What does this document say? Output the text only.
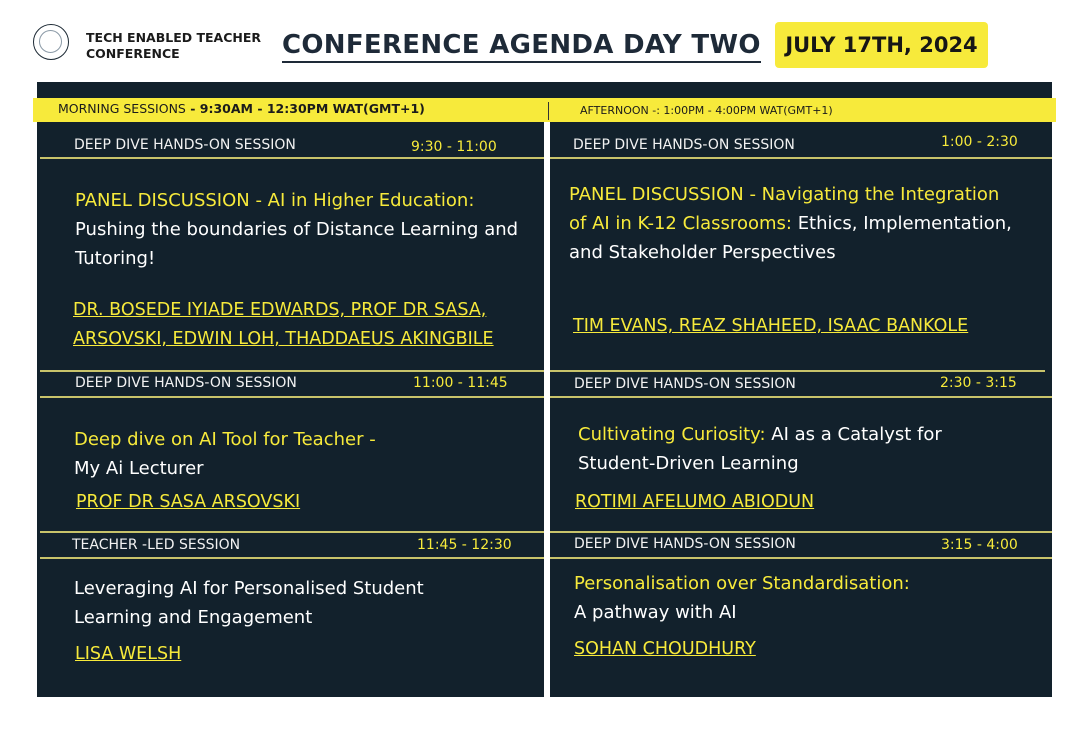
TECH ENABLED TEACHER
CONFERENCE	CONFERENCE AGENDA DAY TWO	JULY 17TH, 2024
MORNING SESSIONS - 9:30AM - 12:30PM WAT(GMT+1)	AFTERNOON -: 1:00PM - 4:00PM WAT(GMT+1)
DEEP DIVE HANDS-ON SESSION	9:30 - 11:00
PANEL DISCUSSION - AI in Higher Education: Pushing the boundaries of Distance Learning and Tutoring!
DR. BOSEDE IYIADE EDWARDS, PROF DR SASA,
ARSOVSKI, EDWIN LOH, THADDAEUS AKINGBILE
DEEP DIVE HANDS-ON SESSION	11:00 - 11:45
Deep dive on AI Tool for Teacher -
My Ai Lecturer
PROF DR SASA ARSOVSKI
TEACHER -LED SESSION	11:45 - 12:30
Leveraging AI for Personalised Student Learning and Engagement
LISA WELSH
DEEP DIVE HANDS-ON SESSION	1:00 - 2:30
PANEL DISCUSSION - Navigating the Integration of AI in K-12 Classrooms: Ethics, Implementation, and Stakeholder Perspectives
TIM EVANS, REAZ SHAHEED, ISAAC BANKOLE
DEEP DIVE HANDS-ON SESSION	2:30 - 3:15
Cultivating Curiosity: AI as a Catalyst for Student-Driven Learning
ROTIMI AFELUMO ABIODUN
DEEP DIVE HANDS-ON SESSION	3:15 - 4:00
Personalisation over Standardisation:
A pathway with AI
SOHAN CHOUDHURY
